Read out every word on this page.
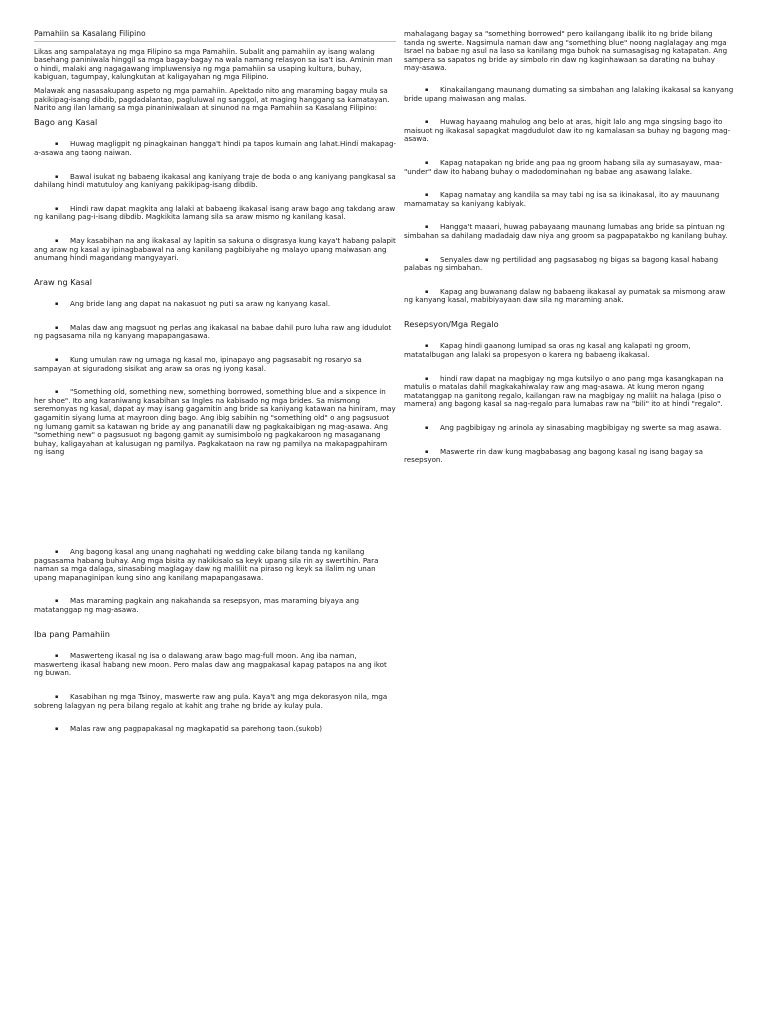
Pamahiin sa Kasalang Filipino

Likas ang sampalataya ng mga Filipino sa mga Pamahiin. Subalit ang pamahiin ay isang walang basehang paniniwala hinggil sa mga bagay-bagay na wala namang relasyon sa isa't isa. Aminin man o hindi, malaki ang nagagawang impluwensiya ng mga pamahiin sa usaping kultura, buhay, kabiguan, tagumpay, kalungkutan at kaligayahan ng mga Filipino.

Malawak ang nasasakupang aspeto ng mga pamahiin. Apektado nito ang maraming bagay mula sa pakikipag-isang dibdib, pagdadalantao, pagluluwal ng sanggol, at maging hanggang sa kamatayan. Narito ang ilan lamang sa mga pinaniniwalaan at sinunod na mga Pamahiin sa Kasalang Filipino:

Bago ang Kasal
▪	Huwag magligpit ng pinagkainan hangga't hindi pa tapos kumain ang lahat.Hindi makapag-a-asawa ang taong naiwan.

▪	Bawal isukat ng babaeng ikakasal ang kaniyang traje de boda o ang kaniyang pangkasal sa dahilang hindi matutuloy ang kaniyang pakikipag-isang dibdib.

▪	Hindi raw dapat magkita ang lalaki at babaeng ikakasal isang araw bago ang takdang araw ng kanilang pag-i-isang dibdib. Magkikita lamang sila sa araw mismo ng kanilang kasal.

▪	May kasabihan na ang ikakasal ay lapitin sa sakuna o disgrasya kung kaya't habang palapit ang araw ng kasal ay ipinagbabawal na ang kanilang pagbibiyahe ng malayo upang maiwasan ang anumang hindi magandang mangyayari.

Araw ng Kasal
▪	Ang bride lang ang dapat na nakasuot ng puti sa araw ng kanyang kasal.

▪	Malas daw ang magsuot ng perlas ang ikakasal na babae dahil puro luha raw ang idudulot ng pagsasama nila ng kanyang mapapangasawa.

▪	Kung umulan raw ng umaga ng kasal mo, ipinapayo ang pagsasabit ng rosaryo sa sampayan at siguradong sisikat ang araw sa oras ng iyong kasal.

▪	"Something old, something new, something borrowed, something blue and a sixpence in her shoe". Ito ang karaniwang kasabihan sa Ingles na kabisado ng mga brides. Sa mismong seremonyas ng kasal, dapat ay may isang gagamitin ang bride sa kaniyang katawan na hiniram, may gagamitin siyang luma at mayroon ding bago. Ang ibig sabihin ng "something old" o ang pagsusuot ng lumang gamit sa katawan ng bride ay ang pananatili daw ng pagkakaibigan ng mag-asawa. Ang "something new" o pagsusuot ng bagong gamit ay sumisimbolo ng pagkakaroon ng masaganang buhay, kaligayahan at kalusugan ng pamilya. Pagkakataon na raw ng pamilya na makapagpahiram ng isang

▪	Ang bagong kasal ang unang naghahati ng wedding cake bilang tanda ng kanilang pagsasama habang buhay. Ang mga bisita ay nakikisalo sa keyk upang sila rin ay swertihin. Para naman sa mga dalaga, sinasabing maglagay daw ng maliliit na piraso ng keyk sa ilalim ng unan upang mapanaginipan kung sino ang kanilang mapapangasawa.

▪	Mas maraming pagkain ang nakahanda sa resepsyon, mas maraming biyaya ang matatanggap ng mag-asawa.

Iba pang Pamahiin
▪	Maswerteng ikasal ng isa o dalawang araw bago mag-full moon. Ang iba naman, maswerteng ikasal habang new moon. Pero malas daw ang magpakasal kapag patapos na ang ikot ng buwan.

▪	Kasabihan ng mga Tsinoy, maswerte raw ang pula. Kaya't ang mga dekorasyon nila, mga sobreng lalagyan ng pera bilang regalo at kahit ang trahe ng bride ay kulay pula.

▪	Malas raw ang pagpapakasal ng magkapatid sa parehong taon.(sukob)

mahalagang bagay sa "something borrowed" pero kailangang ibalik ito ng bride bilang tanda ng swerte. Nagsimula naman daw ang "something blue" noong naglalagay ang mga Israel na babae ng asul na laso sa kanilang mga buhok na sumasagisag ng katapatan. Ang sampera sa sapatos ng bride ay simbolo rin daw ng kaginhawaan sa darating na buhay may-asawa.

▪	Kinakailangang maunang dumating sa simbahan ang lalaking ikakasal sa kanyang bride upang maiwasan ang malas.

▪	Huwag hayaang mahulog ang belo at aras, higit lalo ang mga singsing bago ito maisuot ng ikakasal sapagkat magdudulot daw ito ng kamalasan sa buhay ng bagong mag-asawa.

▪	Kapag natapakan ng bride ang paa ng groom habang sila ay sumasayaw, maa-"under" daw ito habang buhay o madodominahan ng babae ang asawang lalake.

▪	Kapag namatay ang kandila sa may tabi ng isa sa ikinakasal, ito ay mauunang mamamatay sa kaniyang kabiyak.

▪	Hangga't maaari, huwag pabayaang maunang lumabas ang bride sa pintuan ng simbahan sa dahilang madadaig daw niya ang groom sa pagpapatakbo ng kanilang buhay.

▪	Senyales daw ng pertilidad ang pagsasabog ng bigas sa bagong kasal habang palabas ng simbahan.

▪	Kapag ang buwanang dalaw ng babaeng ikakasal ay pumatak sa mismong araw ng kanyang kasal, mabibiyayaan daw sila ng maraming anak.

Resepsyon/Mga Regalo
▪	Kapag hindi gaanong lumipad sa oras ng kasal ang kalapati ng groom, matatalbugan ang lalaki sa propesyon o karera ng babaeng ikakasal.

▪	hindi raw dapat na magbigay ng mga kutsilyo o ano pang mga kasangkapan na matulis o matalas dahil magkakahiwalay raw ang mag-asawa. At kung meron ngang matatanggap na ganitong regalo, kailangan raw na magbigay ng maliit na halaga (piso o mamera) ang bagong kasal sa nag-regalo para lumabas raw na "bili" ito at hindi "regalo".

▪	Ang pagbibigay ng arinola ay sinasabing magbibigay ng swerte sa mag asawa.

▪	Maswerte rin daw kung magbabasag ang bagong kasal ng isang bagay sa resepsyon.
